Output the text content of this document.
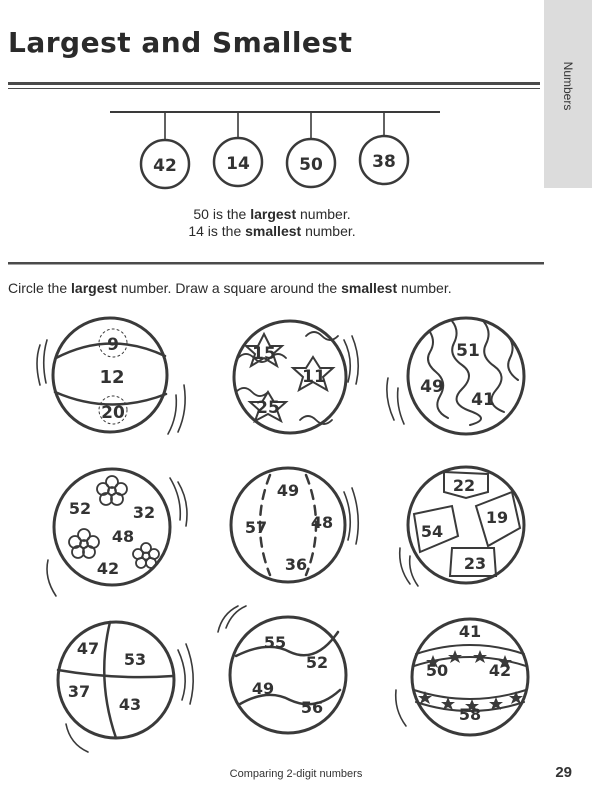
Largest and Smallest
Numbers
42	14	50	38
9
12
20
15
11
25
51
49
41
52	32
48
42
49
57	48
36
22
54
19
23
47
53
37
43
55
52
49
56
41
50	42
58
50 is the largest number.
14 is the smallest number.

Circle the largest number. Draw a square around the smallest number.

Comparing 2-digit numbers	29
